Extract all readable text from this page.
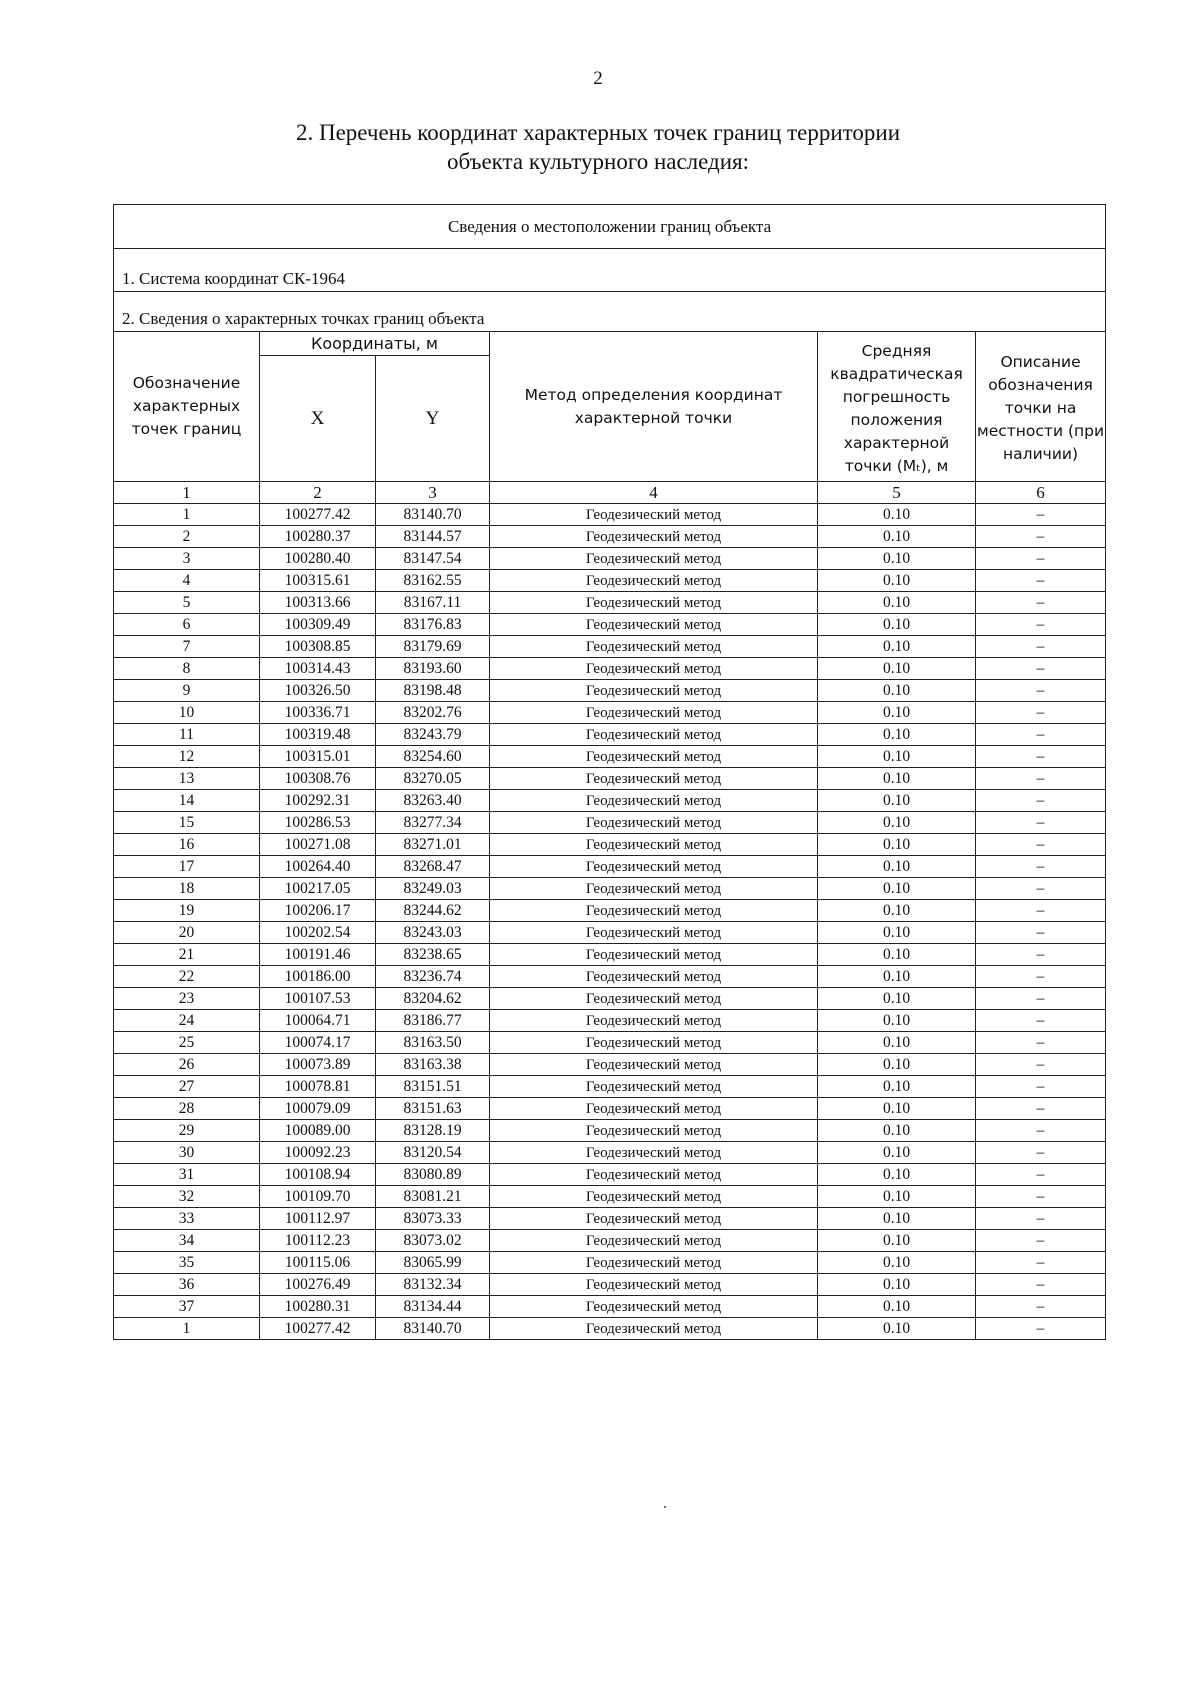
2
2. Перечень координат характерных точек границ территории
объекта культурного наследия:
Сведения о местоположении границ объекта					
1. Система координат СК-1964					
2. Сведения о характерных точках границ объекта					
Обозначение характерных точек границ	Координаты, м		Метод определения координат характерной точки	Средняя квадратическая погрешность положения характерной точки (Mₜ), м	Описание обозначения точки на местности (при наличии)
	X	Y			
1	2	3	4	5	6
1	100277.42	83140.70	Геодезический метод	0.10	–
2	100280.37	83144.57	Геодезический метод	0.10	–
3	100280.40	83147.54	Геодезический метод	0.10	–
4	100315.61	83162.55	Геодезический метод	0.10	–
5	100313.66	83167.11	Геодезический метод	0.10	–
6	100309.49	83176.83	Геодезический метод	0.10	–
7	100308.85	83179.69	Геодезический метод	0.10	–
8	100314.43	83193.60	Геодезический метод	0.10	–
9	100326.50	83198.48	Геодезический метод	0.10	–
10	100336.71	83202.76	Геодезический метод	0.10	–
11	100319.48	83243.79	Геодезический метод	0.10	–
12	100315.01	83254.60	Геодезический метод	0.10	–
13	100308.76	83270.05	Геодезический метод	0.10	–
14	100292.31	83263.40	Геодезический метод	0.10	–
15	100286.53	83277.34	Геодезический метод	0.10	–
16	100271.08	83271.01	Геодезический метод	0.10	–
17	100264.40	83268.47	Геодезический метод	0.10	–
18	100217.05	83249.03	Геодезический метод	0.10	–
19	100206.17	83244.62	Геодезический метод	0.10	–
20	100202.54	83243.03	Геодезический метод	0.10	–
21	100191.46	83238.65	Геодезический метод	0.10	–
22	100186.00	83236.74	Геодезический метод	0.10	–
23	100107.53	83204.62	Геодезический метод	0.10	–
24	100064.71	83186.77	Геодезический метод	0.10	–
25	100074.17	83163.50	Геодезический метод	0.10	–
26	100073.89	83163.38	Геодезический метод	0.10	–
27	100078.81	83151.51	Геодезический метод	0.10	–
28	100079.09	83151.63	Геодезический метод	0.10	–
29	100089.00	83128.19	Геодезический метод	0.10	–
30	100092.23	83120.54	Геодезический метод	0.10	–
31	100108.94	83080.89	Геодезический метод	0.10	–
32	100109.70	83081.21	Геодезический метод	0.10	–
33	100112.97	83073.33	Геодезический метод	0.10	–
34	100112.23	83073.02	Геодезический метод	0.10	–
35	100115.06	83065.99	Геодезический метод	0.10	–
36	100276.49	83132.34	Геодезический метод	0.10	–
37	100280.31	83134.44	Геодезический метод	0.10	–
1	100277.42	83140.70	Геодезический метод	0.10	–
